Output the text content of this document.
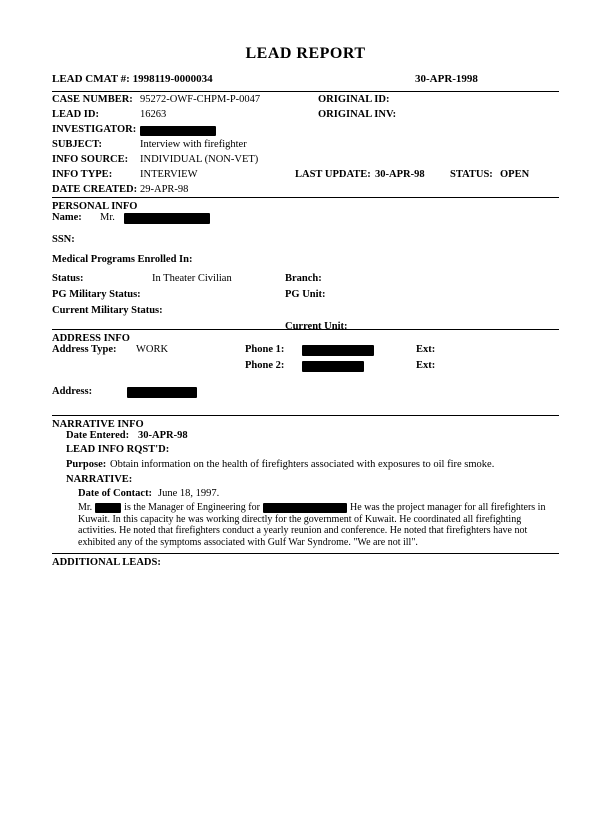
LEAD REPORT
LEAD CMAT #: 1998119-0000034	30-APR-1998
CASE NUMBER: 95272-OWF-CHPM-P-0047	ORIGINAL ID:
LEAD ID:	16263	ORIGINAL INV:
INVESTIGATOR:
SUBJECT:	Interview with firefighter
INFO SOURCE: INDIVIDUAL (NON-VET)
INFO TYPE:	INTERVIEW	LAST UPDATE: 30-APR-98 STATUS: OPEN
DATE CREATED: 29-APR-98
PERSONAL INFO
Name: Mr.
SSN:
Medical Programs Enrolled In:
Status:	In Theater Civilian	Branch:
PG Military Status:	PG Unit:
Current Military Status:
Current Unit:
ADDRESS INFO
Address Type: WORK	Phone 1:	Ext:
Phone 2:	Ext:
Address:
NARRATIVE INFO
Date Entered: 30-APR-98
LEAD INFO RQST'D:
Purpose: Obtain information on the health of firefighters associated with exposures to oil fire smoke.
NARRATIVE:
Date of Contact: June 18, 1997.
Mr.	is the Manager of Engineering for	He was the project manager for all firefighters in Kuwait. In this capacity he was working directly for the government of Kuwait. He coordinated all firefighting activities. He noted that firefighters conduct a yearly reunion and conference. He noted that firefighters have not exhibited any of the symptoms associated with Gulf War Syndrome. "We are not ill".
ADDITIONAL LEADS:
